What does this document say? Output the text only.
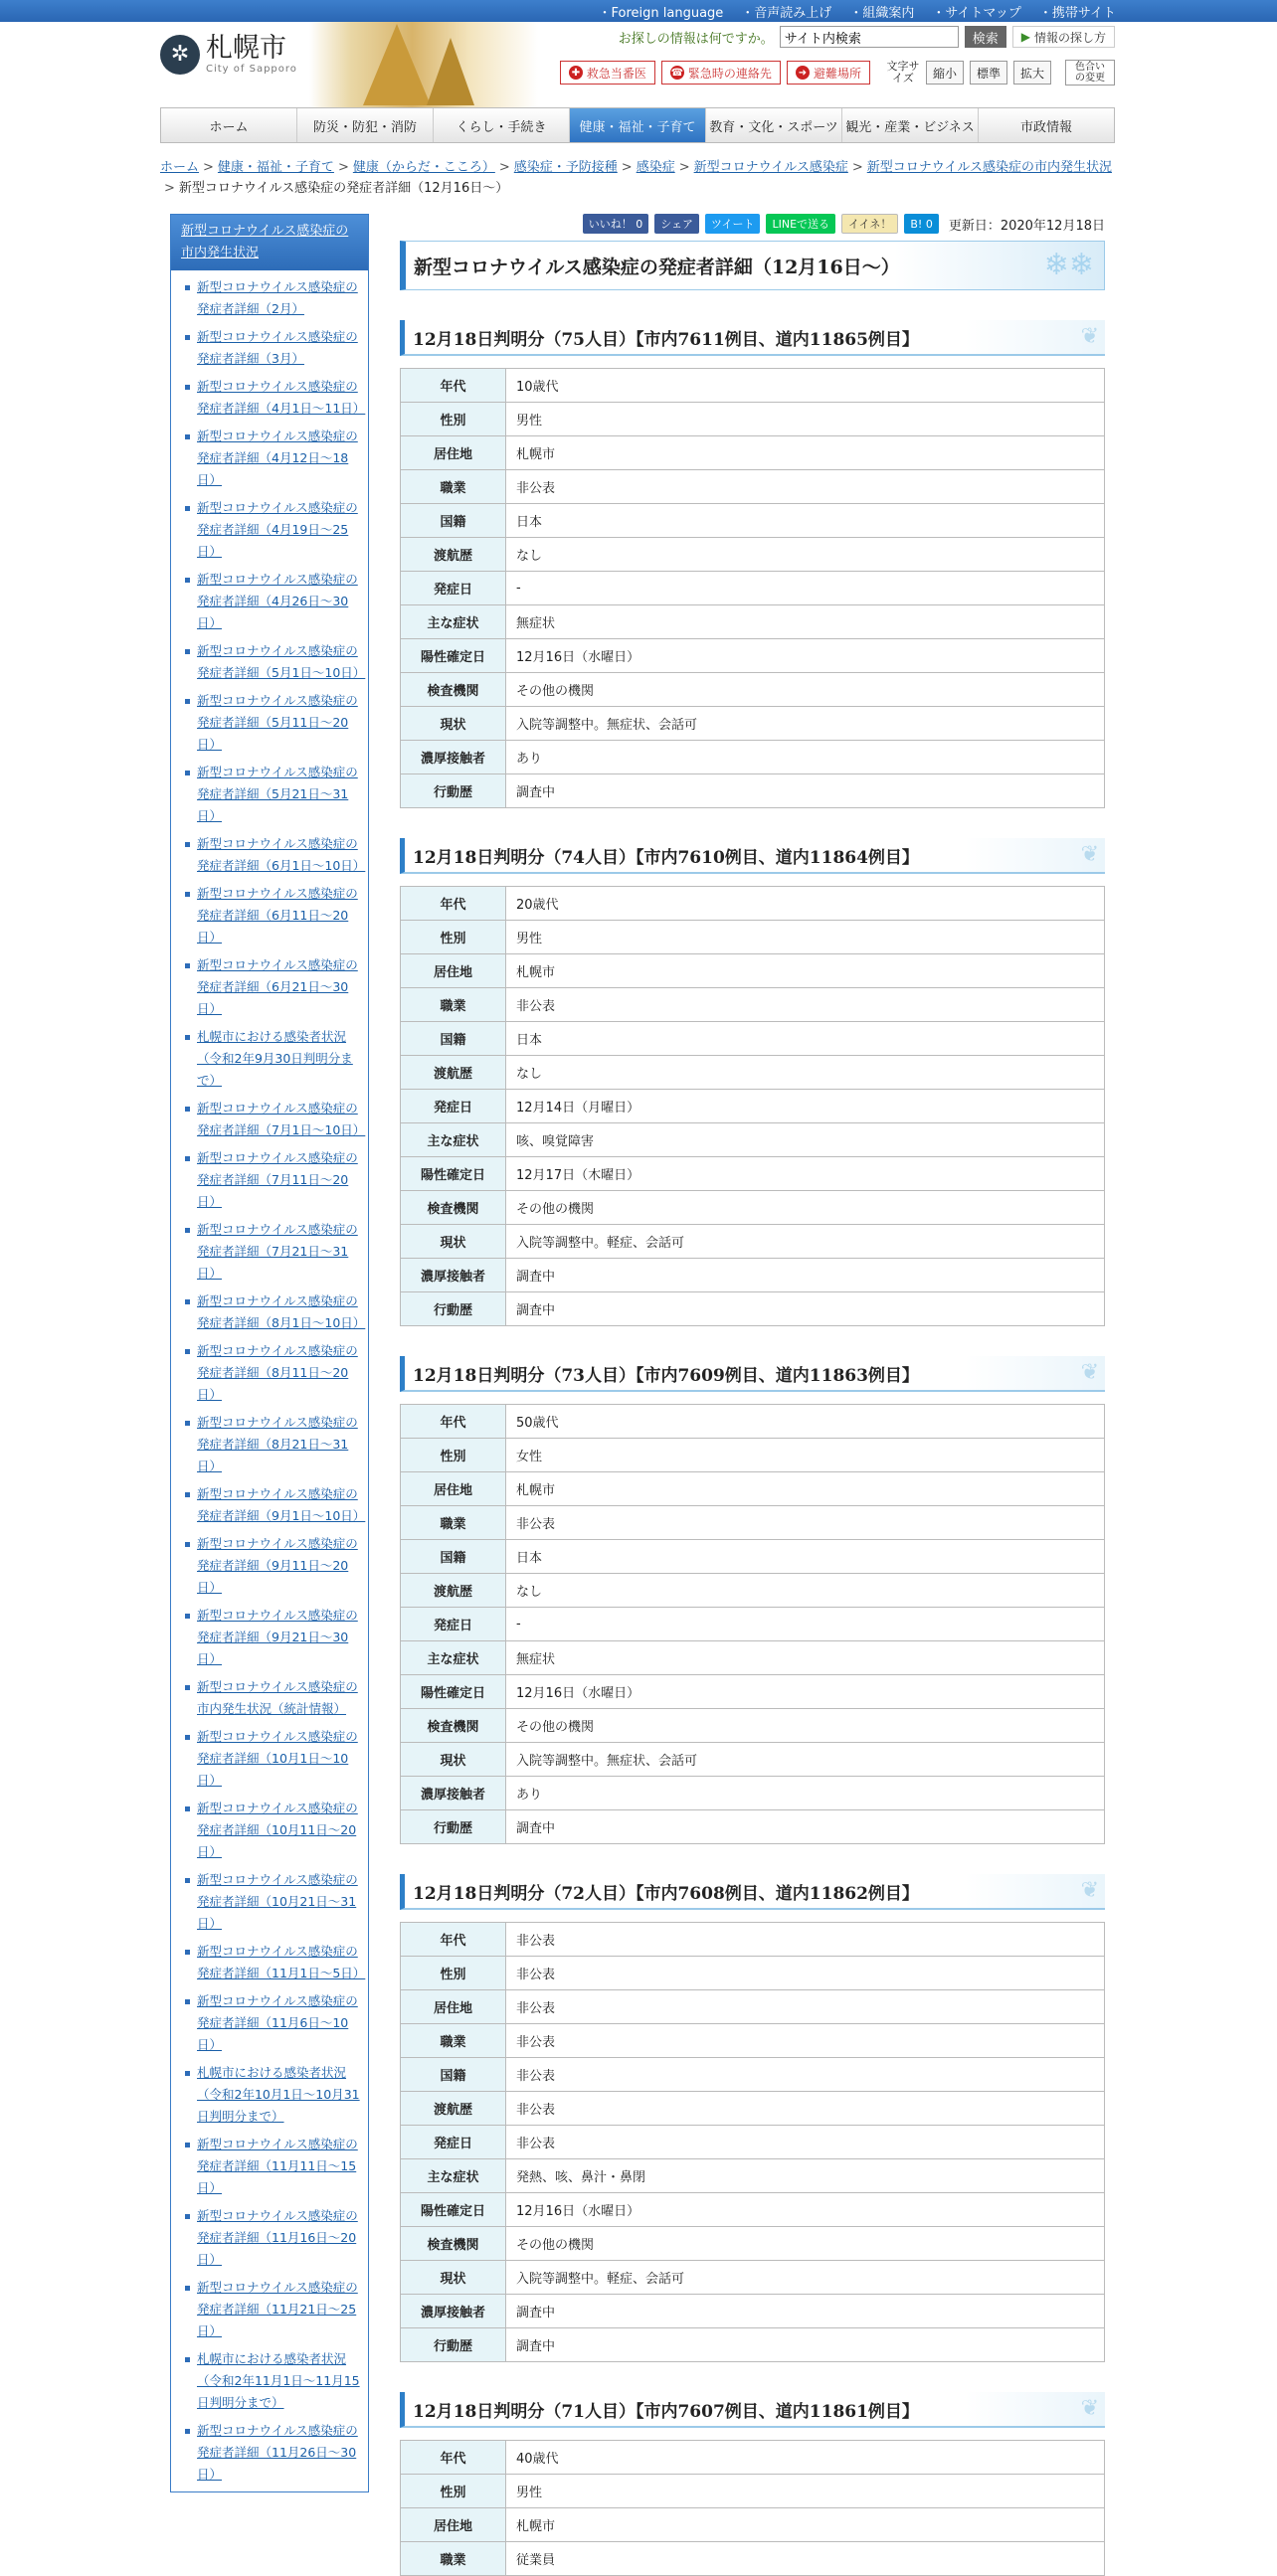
・Foreign language ・音声読み上げ ・組織案内 ・サイトマップ ・携帯サイト
✲ 札幌市
City of Sapporo
お探しの情報は何ですか。
サイト内検索	検索	▶ 情報の探し方
✚ 救急当番医 ☎ 緊急時の連絡先	➜ 避難場所 文字サイズ	縮小	標準	拡大	色合いの変更
ホーム	防災・防犯・消防	くらし・手続き	健康・福祉・子育て	教育・文化・スポーツ 観光・産業・ビジネス	市政情報
ホーム > 健康・福祉・子育て > 健康（からだ・こころ） > 感染症・予防接種 > 感染症 > 新型コロナウイルス感染症 > 新型コロナウイルス感染症の市内発生状況> 新型コロナウイルス感染症の発症者詳細（12月16日～）
新型コロナウイルス感染症の市内発生状況
新型コロナウイルス感染症の発症者詳細（2月）
新型コロナウイルス感染症の発症者詳細（3月）
新型コロナウイルス感染症の発症者詳細（4月1日～11日）
新型コロナウイルス感染症の発症者詳細（4月12日～18日）
新型コロナウイルス感染症の発症者詳細（4月19日～25日）
新型コロナウイルス感染症の発症者詳細（4月26日～30日）
新型コロナウイルス感染症の発症者詳細（5月1日～10日）
新型コロナウイルス感染症の発症者詳細（5月11日～20日）
新型コロナウイルス感染症の発症者詳細（5月21日～31日）
新型コロナウイルス感染症の発症者詳細（6月1日～10日）
新型コロナウイルス感染症の発症者詳細（6月11日～20日）
新型コロナウイルス感染症の発症者詳細（6月21日～30日）
札幌市における感染者状況（令和2年9月30日判明分まで）
新型コロナウイルス感染症の発症者詳細（7月1日～10日）
新型コロナウイルス感染症の発症者詳細（7月11日～20日）
新型コロナウイルス感染症の発症者詳細（7月21日～31日）
新型コロナウイルス感染症の発症者詳細（8月1日～10日）
新型コロナウイルス感染症の発症者詳細（8月11日～20日）
新型コロナウイルス感染症の発症者詳細（8月21日～31日）
新型コロナウイルス感染症の発症者詳細（9月1日～10日）
新型コロナウイルス感染症の発症者詳細（9月11日～20日）
新型コロナウイルス感染症の発症者詳細（9月21日～30日）
新型コロナウイルス感染症の市内発生状況（統計情報）
新型コロナウイルス感染症の発症者詳細（10月1日～10日）
新型コロナウイルス感染症の発症者詳細（10月11日～20日）
新型コロナウイルス感染症の発症者詳細（10月21日～31日）
新型コロナウイルス感染症の発症者詳細（11月1日～5日）
新型コロナウイルス感染症の発症者詳細（11月6日～10日）
札幌市における感染者状況（令和2年10月1日～10月31日判明分まで）
新型コロナウイルス感染症の発症者詳細（11月11日～15日）
新型コロナウイルス感染症の発症者詳細（11月16日～20日）
新型コロナウイルス感染症の発症者詳細（11月21日～25日）
札幌市における感染者状況（令和2年11月1日～11月15日判明分まで）
新型コロナウイルス感染症の発症者詳細（11月26日～30日）
いいね！ 0	シェア	ツイート	LINEで送る	イイネ！	B! 0	更新日：2020年12月18日
新型コロナウイルス感染症の発症者詳細（12月16日～）	❄❄
12月18日判明分（75人目）【市内7611例目、道内11865例目】	❦
年代	10歳代
性別	男性
居住地	札幌市
職業	非公表
国籍	日本
渡航歴	なし
発症日	-
主な症状	無症状
陽性確定日	12月16日（水曜日）
検査機関	その他の機関
現状	入院等調整中。無症状、会話可
濃厚接触者	あり
行動歴	調査中
12月18日判明分（74人目）【市内7610例目、道内11864例目】	❦
年代	20歳代
性別	男性
居住地	札幌市
職業	非公表
国籍	日本
渡航歴	なし
発症日	12月14日（月曜日）
主な症状	咳、嗅覚障害
陽性確定日	12月17日（木曜日）
検査機関	その他の機関
現状	入院等調整中。軽症、会話可
濃厚接触者	調査中
行動歴	調査中
12月18日判明分（73人目）【市内7609例目、道内11863例目】	❦
年代	50歳代
性別	女性
居住地	札幌市
職業	非公表
国籍	日本
渡航歴	なし
発症日	-
主な症状	無症状
陽性確定日	12月16日（水曜日）
検査機関	その他の機関
現状	入院等調整中。無症状、会話可
濃厚接触者	あり
行動歴	調査中
12月18日判明分（72人目）【市内7608例目、道内11862例目】	❦
年代	非公表
性別	非公表
居住地	非公表
職業	非公表
国籍	非公表
渡航歴	非公表
発症日	非公表
主な症状	発熱、咳、鼻汁・鼻閉
陽性確定日	12月16日（水曜日）
検査機関	その他の機関
現状	入院等調整中。軽症、会話可
濃厚接触者	調査中
行動歴	調査中
12月18日判明分（71人目）【市内7607例目、道内11861例目】	❦
年代	40歳代
性別	男性
居住地	札幌市
職業	従業員
